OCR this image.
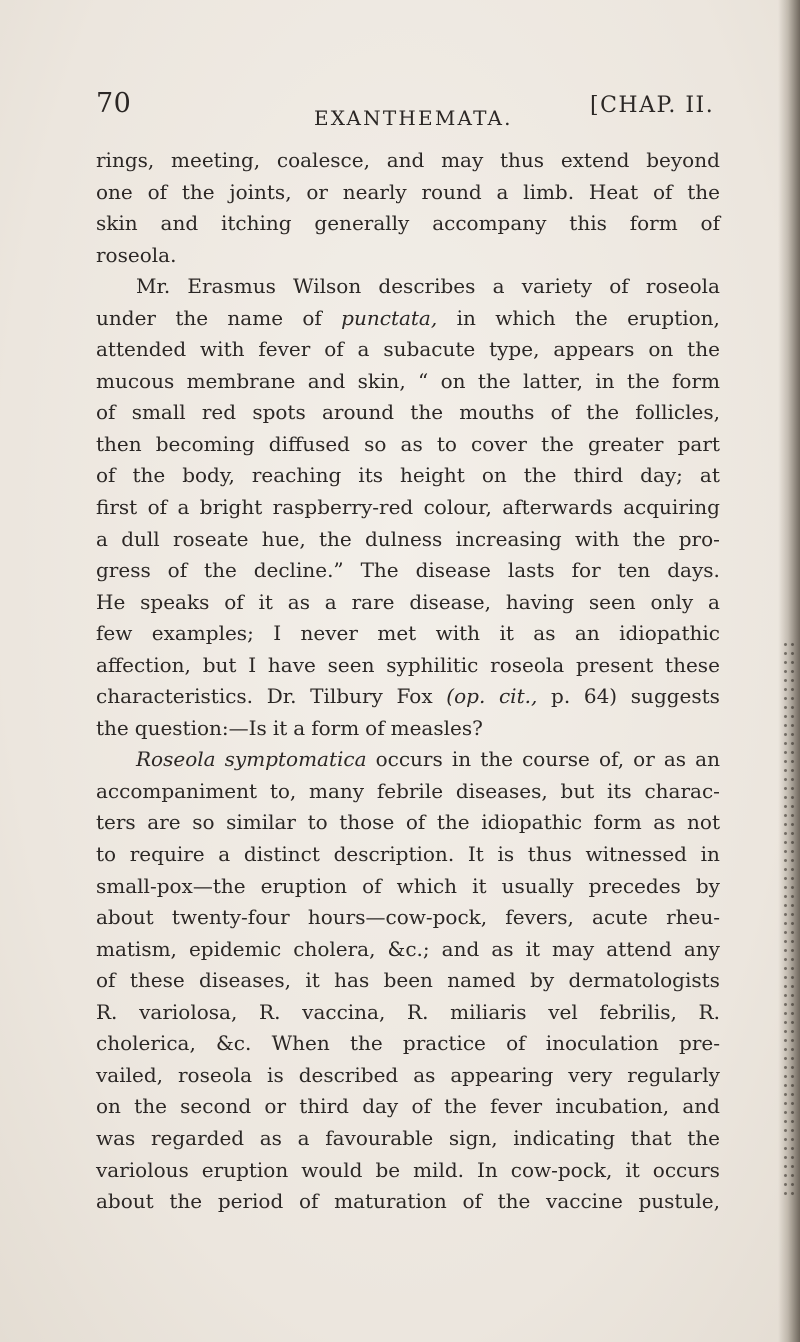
70	EXANTHEMATA.	[CHAP. II.
rings, meeting, coalesce, and may thus extend beyond
one of the joints, or nearly round a limb. Heat of the
skin and itching generally accompany this form of
roseola.
Mr. Erasmus Wilson describes a variety of roseola
under the name of punctata, in which the eruption,
attended with fever of a subacute type, appears on the
mucous membrane and skin, “ on the latter, in the form
of small red spots around the mouths of the follicles,
then becoming diffused so as to cover the greater part
of the body, reaching its height on the third day; at
first of a bright raspberry-red colour, afterwards acquiring
a dull roseate hue, the dulness increasing with the pro-
gress of the decline.” The disease lasts for ten days.
He speaks of it as a rare disease, having seen only a
few examples; I never met with it as an idiopathic
affection, but I have seen syphilitic roseola present these
characteristics. Dr. Tilbury Fox (op. cit., p. 64) suggests
the question:—Is it a form of measles?
Roseola symptomatica occurs in the course of, or as an
accompaniment to, many febrile diseases, but its charac-
ters are so similar to those of the idiopathic form as not
to require a distinct description. It is thus witnessed in
small-pox—the eruption of which it usually precedes by
about twenty-four hours—cow-pock, fevers, acute rheu-
matism, epidemic cholera, &c.; and as it may attend any
of these diseases, it has been named by dermatologists
R. variolosa, R. vaccina, R. miliaris vel febrilis, R.
cholerica, &c. When the practice of inoculation pre-
vailed, roseola is described as appearing very regularly
on the second or third day of the fever incubation, and
was regarded as a favourable sign, indicating that the
variolous eruption would be mild. In cow-pock, it occurs
about the period of maturation of the vaccine pustule,
